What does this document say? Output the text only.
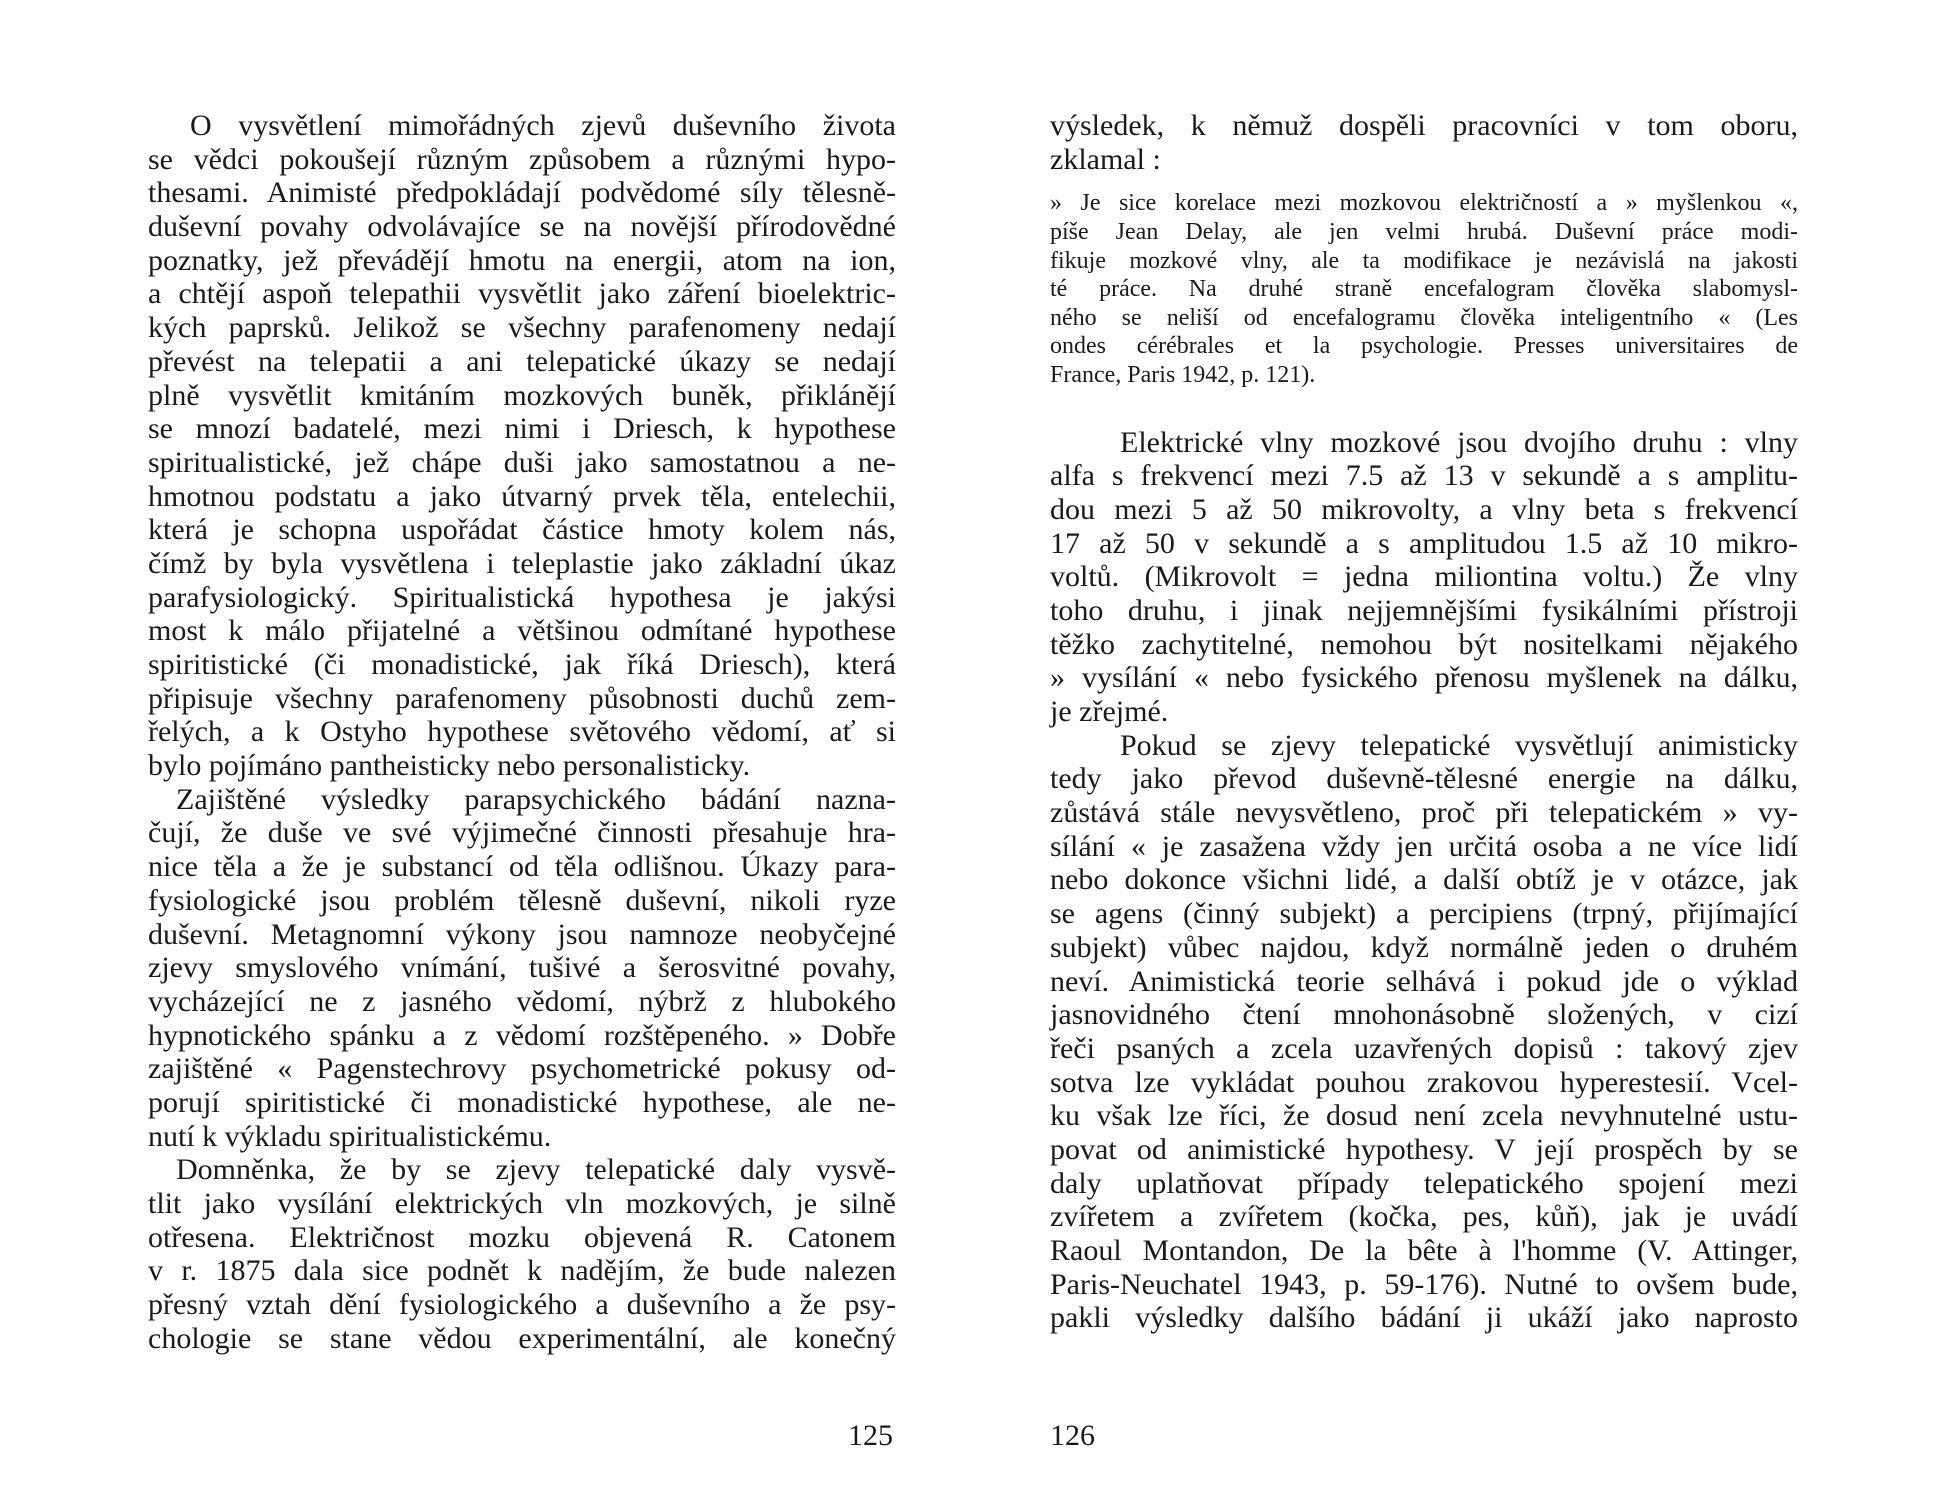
O vysvětlení mimořádných zjevů duševního života
se vědci pokoušejí různým způsobem a různými hypo-
thesami. Animisté předpokládají podvědomé síly tělesně-
duševní povahy odvolávajíce se na novější přírodovědné
poznatky, jež převádějí hmotu na energii, atom na ion,
a chtějí aspoň telepathii vysvětlit jako záření bioelektric-
kých paprsků. Jelikož se všechny parafenomeny nedají
převést na telepatii a ani telepatické úkazy se nedají
plně vysvětlit kmitáním mozkových buněk, přiklánějí
se mnozí badatelé, mezi nimi i Driesch, k hypothese
spiritualistické, jež chápe duši jako samostatnou a ne-
hmotnou podstatu a jako útvarný prvek těla, entelechii,
která je schopna uspořádat částice hmoty kolem nás,
čímž by byla vysvětlena i teleplastie jako základní úkaz
parafysiologický. Spiritualistická hypothesa je jakýsi
most k málo přijatelné a většinou odmítané hypothese
spiritistické (či monadistické, jak říká Driesch), která
připisuje všechny parafenomeny působnosti duchů zem-
řelých, a k Ostyho hypothese světového vědomí, ať si
bylo pojímáno pantheisticky nebo personalisticky.
Zajištěné výsledky parapsychického bádání nazna-
čují, že duše ve své výjimečné činnosti přesahuje hra-
nice těla a že je substancí od těla odlišnou. Úkazy para-
fysiologické jsou problém tělesně duševní, nikoli ryze
duševní. Metagnomní výkony jsou namnoze neobyčejné
zjevy smyslového vnímání, tušivé a šerosvitné povahy,
vycházející ne z jasného vědomí, nýbrž z hlubokého
hypnotického spánku a z vědomí rozštěpeného. » Dobře
zajištěné « Pagenstechrovy psychometrické pokusy od-
porují spiritistické či monadistické hypothese, ale ne-
nutí k výkladu spiritualistickému.
Domněnka, že by se zjevy telepatické daly vysvě-
tlit jako vysílání elektrických vln mozkových, je silně
otřesena. Električnost mozku objevená R. Catonem
v r. 1875 dala sice podnět k nadějím, že bude nalezen
přesný vztah dění fysiologického a duševního a že psy-
chologie se stane vědou experimentální, ale konečný
125
výsledek, k němuž dospěli pracovníci v tom oboru,
zklamal :
» Je sice korelace mezi mozkovou električností a » myšlenkou «,
píše Jean Delay, ale jen velmi hrubá. Duševní práce modi-
fikuje mozkové vlny, ale ta modifikace je nezávislá na jakosti
té práce. Na druhé straně encefalogram člověka slabomysl-
ného se neliší od encefalogramu člověka inteligentního « (Les
ondes cérébrales et la psychologie. Presses universitaires de
France, Paris 1942, p. 121).
Elektrické vlny mozkové jsou dvojího druhu : vlny
alfa s frekvencí mezi 7.5 až 13 v sekundě a s amplitu-
dou mezi 5 až 50 mikrovolty, a vlny beta s frekvencí
17 až 50 v sekundě a s amplitudou 1.5 až 10 mikro-
voltů. (Mikrovolt = jedna miliontina voltu.) Že vlny
toho druhu, i jinak nejjemnějšími fysikálními přístroji
těžko zachytitelné, nemohou být nositelkami nějakého
» vysílání « nebo fysického přenosu myšlenek na dálku,
je zřejmé.
Pokud se zjevy telepatické vysvětlují animisticky
tedy jako převod duševně-tělesné energie na dálku,
zůstává stále nevysvětleno, proč při telepatickém » vy-
sílání « je zasažena vždy jen určitá osoba a ne více lidí
nebo dokonce všichni lidé, a další obtíž je v otázce, jak
se agens (činný subjekt) a percipiens (trpný, přijímající
subjekt) vůbec najdou, když normálně jeden o druhém
neví. Animistická teorie selhává i pokud jde o výklad
jasnovidného čtení mnohonásobně složených, v cizí
řeči psaných a zcela uzavřených dopisů : takový zjev
sotva lze vykládat pouhou zrakovou hyperestesií. Vcel-
ku však lze říci, že dosud není zcela nevyhnutelné ustu-
povat od animistické hypothesy. V její prospěch by se
daly uplatňovat případy telepatického spojení mezi
zvířetem a zvířetem (kočka, pes, kůň), jak je uvádí
Raoul Montandon, De la bête à l'homme (V. Attinger,
Paris-Neuchatel 1943, p. 59-176). Nutné to ovšem bude,
pakli výsledky dalšího bádání ji ukáží jako naprosto
126
